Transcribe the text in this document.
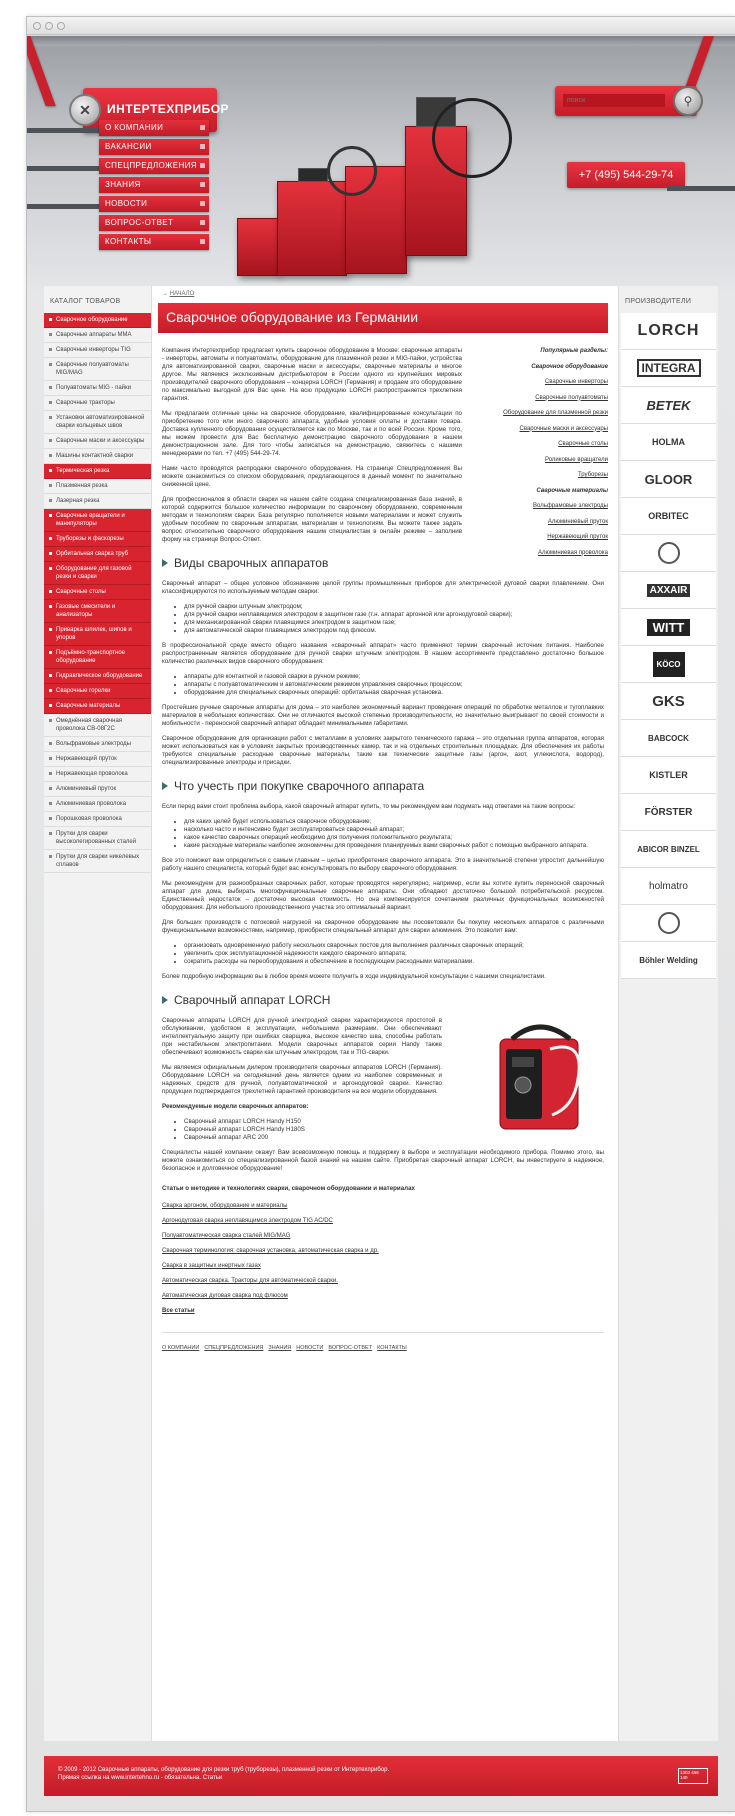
✕	ИНТЕРТЕХПРИБОР
поиск
⚲
+7 (495) 544-29-74
О КОМПАНИИ
ВАКАНСИИ
СПЕЦПРЕДЛОЖЕНИЯ
ЗНАНИЯ
НОВОСТИ
ВОПРОС-ОТВЕТ
КОНТАКТЫ
КАТАЛОГ ТОВАРОВ
Сварочное оборудование
Сварочные аппараты MMA
Сварочные инверторы TIG
Сварочные полуавтоматы MIG/MAG
Полуавтоматы MIG - пайки
Сварочные тракторы
Установки автоматизированной сварки кольцевых швов
Сварочные маски и аксессуары
Машины контактной сварки
Термическая резка
Плазменная резка
Лазерная резка
Сварочные вращатели и манипуляторы
Труборезы и фаскорезы
Орбитальная сварка труб
Оборудование для газовой резки и сварки
Сварочные столы
Газовые смесители и анализаторы
Приварка шпилек, шипов и упоров
Подъёмно-транспортное оборудование
Гидравлическое оборудование
Сварочные горелки
Сварочные материалы
Омеднённая сварочная проволока СВ-08Г2С
Вольфрамовые электроды
Нержавеющий пруток
Нержавеющая проволока
Алюминиевый пруток
Алюминиевая проволока
Порошковая проволока
Прутки для сварки высоколегированных сталей
Прутки для сварки никелевых сплавов
→ НАЧАЛО
Сварочное оборудование из Германии
Популярные разделы:
Сварочное оборудование
Сварочные инверторы
Сварочные полуавтоматы
Оборудование для плазменной резки
Сварочные маски и аксессуары
Сварочные столы
Роликовые вращатели
Труборезы
Сварочные материалы
Вольфрамовые электроды
Алюминиевый пруток
Нержавеющий пруток
Алюминиевая проволока
Компания Интертехприбор предлагает купить сварочное оборудование в Москве: сварочные аппараты - инверторы, автоматы и полуавтоматы, оборудование для плазменной резки и MIG-пайки, устройства для автоматизированной сварки, сварочные маски и аксессуары, сварочные материалы и многое другое. Мы являемся эксклюзивным дистрибьютором в России одного из крупнейших мировых производителей сварочного оборудования – концерна LORCH (Германия) и продаем это оборудование по максимально выгодной для Вас цене. На всю продукцию LORCH распространяется трехлетняя гарантия.
Мы предлагаем отличные цены на сварочное оборудование, квалифицированные консультации по приобретению того или иного сварочного аппарата, удобные условия оплаты и доставки товара. Доставка купленного оборудования осуществляется как по Москве, так и по всей России. Кроме того, мы можем провести для Вас бесплатную демонстрацию сварочного оборудования в нашем демонстрационном зале. Для того чтобы записаться на демонстрацию, свяжитесь с нашими менеджерами по тел. +7 (495) 544-29-74.
Нами часто проводятся распродажи сварочного оборудования. На странице Спецпредложения Вы можете ознакомиться со списком оборудования, предлагающегося в данный момент по значительно сниженной цене.
Для профессионалов в области сварки на нашем сайте создана специализированная база знаний, в которой содержится большое количество информации по сварочному оборудованию, современным методам и технологиям сварки. База регулярно пополняется новыми материалами и может служить удобным пособием по сварочным аппаратам, материалам и технологиям. Вы можете также задать вопрос относительно сварочного оборудования нашим специалистам в онлайн режиме – заполнив форму на странице Вопрос-Ответ.
Виды сварочных аппаратов
Сварочный аппарат – общее условное обозначение целой группы промышленных приборов для электрической дуговой сварки плавлением. Они классифицируются по используемым методам сварки:
• для ручной сварки штучным электродом;
• для ручной сварки неплавящимся электродом в защитном газе (т.н. аппарат аргонной или аргонодуговой сварки);
• для механизированной сварки плавящимся электродом в защитном газе;
• для автоматической сварки плавящимся электродом под флюсом.
В профессиональной среде вместо общего названия «сварочный аппарат» часто применяют термин сварочный источник питания. Наиболее распространенным является оборудование для ручной сварки штучным электродом. В нашем ассортименте представлено достаточно большое количество различных видов сварочного оборудования:
• аппараты для контактной и газовой сварки в ручном режиме;
• аппараты с полуавтоматическим и автоматическим режимом управления сварочных процессом;
• оборудование для специальных сварочных операций: орбитальная сварочная установка.
Простейшие ручные сварочные аппараты для дома – это наиболее экономичный вариант проведения операций по обработке металлов и тугоплавких материалов в небольших количествах. Они не отличаются высокой степенью производительности, но значительно выигрывают по своей стоимости и мобильности - переносной сварочный аппарат обладает минимальными габаритами.
Сварочное оборудование для организации работ с металлами в условиях закрытого технического гаража – это отдельная группа аппаратов, которая может использоваться как в условиях закрытых производственных камер, так и на отдельных строительных площадках. Для обеспечения их работы требуются специальные расходные сварочные материалы, такие как технические защитные газы (аргон, азот, углекислота, водород), специализированные электроды и присадки.
Что учесть при покупке сварочного аппарата
Если перед вами стоит проблема выбора, какой сварочный аппарат купить, то мы рекомендуем вам подумать над ответами на такие вопросы:
• для каких целей будет использоваться сварочное оборудование;
• насколько часто и интенсивно будет эксплуатироваться сварочный аппарат;
• какое качество сварочных операций необходимо для получения положительного результата;
• какие расходные материалы наиболее экономичны для проведения планируемых вами сварочных работ с помощью выбранного аппарата.
Все это поможет вам определиться с самым главным – целью приобретения сварочного аппарата. Это в значительной степени упростит дальнейшую работу нашего специалиста, который будет вас консультировать по выбору сварочного оборудования.
Мы рекомендуем для разнообразных сварочных работ, которые проводятся нерегулярно, например, если вы хотите купить переносной сварочный аппарат для дома, выбирать многофункциональные сварочные аппараты. Они обладают достаточно большой потребительской ресурсом. Единственный недостаток – достаточно высокая стоимость. Но она компенсируется сочетанием различных функциональных возможностей оборудования. Для небольшого производственного участка это оптимальный вариант.
Для больших производств с потоковой нагрузкой на сварочное оборудование мы посоветовали бы покупку нескольких аппаратов с различными функциональными возможностями, например, приобрести специальный аппарат для сварки алюминия. Это позволит вам:
• организовать одновременную работу нескольких сварочных постов для выполнения различных сварочных операций;
• увеличить срок эксплуатационной надежности каждого сварочного аппарата;
• сократить расходы на переоборудования и обеспечение в последующем расходными материалами.
Более подробную информацию вы в любое время можете получить в ходе индивидуальной консультации с нашими специалистами.
Сварочный аппарат LORCH
Сварочные аппараты LORCH для ручной электродной сварки характеризуются простотой в обслуживании, удобством в эксплуатации, небольшими размерами. Они обеспечивают интеллектуальную защиту при ошибках сварщика, высокое качество шва, способны работать при нестабильном электропитании. Модели сварочных аппаратов серии Handy также обеспечивают возможность сварки как штучным электродом, так и TIG-сварки.
Мы являемся официальным дилером производителя сварочных аппаратов LORCH (Германия). Оборудование LORCH на сегодняшний день является одним из наиболее современных и надежных средств для ручной, полуавтоматической и аргонодуговой сварки. Качество продукции подтверждается трехлетней гарантией производителя на все модели оборудования.
Рекомендуемые модели сварочных аппаратов:
• Сварочный аппарат LORCH Handy H150
• Сварочный аппарат LORCH Handy H180S
• Сварочный аппарат ARC 200
Специалисты нашей компании окажут Вам всевозможную помощь и поддержку в выборе и эксплуатации необходимого прибора. Помимо этого, вы можете ознакомиться со специализированной базой знаний на нашем сайте. Приобретая сварочный аппарат LORCH, вы инвестируете в надежное, безопасное и долговечное оборудование!
Статьи о методике и технологиях сварки, сварочном оборудовании и материалах
Сварка аргоном, оборудование и материалы
Аргонодуговая сварка неплавящимся электродом TIG AC/DC
Полуавтоматическая сварка сталей MIG/MAG
Сварочная терминология: сварочная установка, автоматическая сварка и др.
Сварка в защитных инертных газах
Автоматическая сварка. Тракторы для автоматической сварки.
Автоматическая дуговая сварка под флюсом
Все статьи
О КОМПАНИИ СПЕЦПРЕДЛОЖЕНИЯ ЗНАНИЯ НОВОСТИ ВОПРОС-ОТВЕТ КОНТАКТЫ
ПРОИЗВОДИТЕЛИ
LORCH
INTEGRA
BETEK
HOLMA
GLOOR
ORBITEC
AXXAIR
WITT
KÖCO
GKS
BABCOCK
KISTLER
FÖRSTER
ABICOR BINZEL
holmatro
Böhler Welding
© 2009 - 2012 Сварочные аппараты, оборудование для резки труб (труборезы), плазменной резки от Интертехприбор.
Прямая ссылка на www.intertehno.ru - обязательна. Статьи
1303 456 140
